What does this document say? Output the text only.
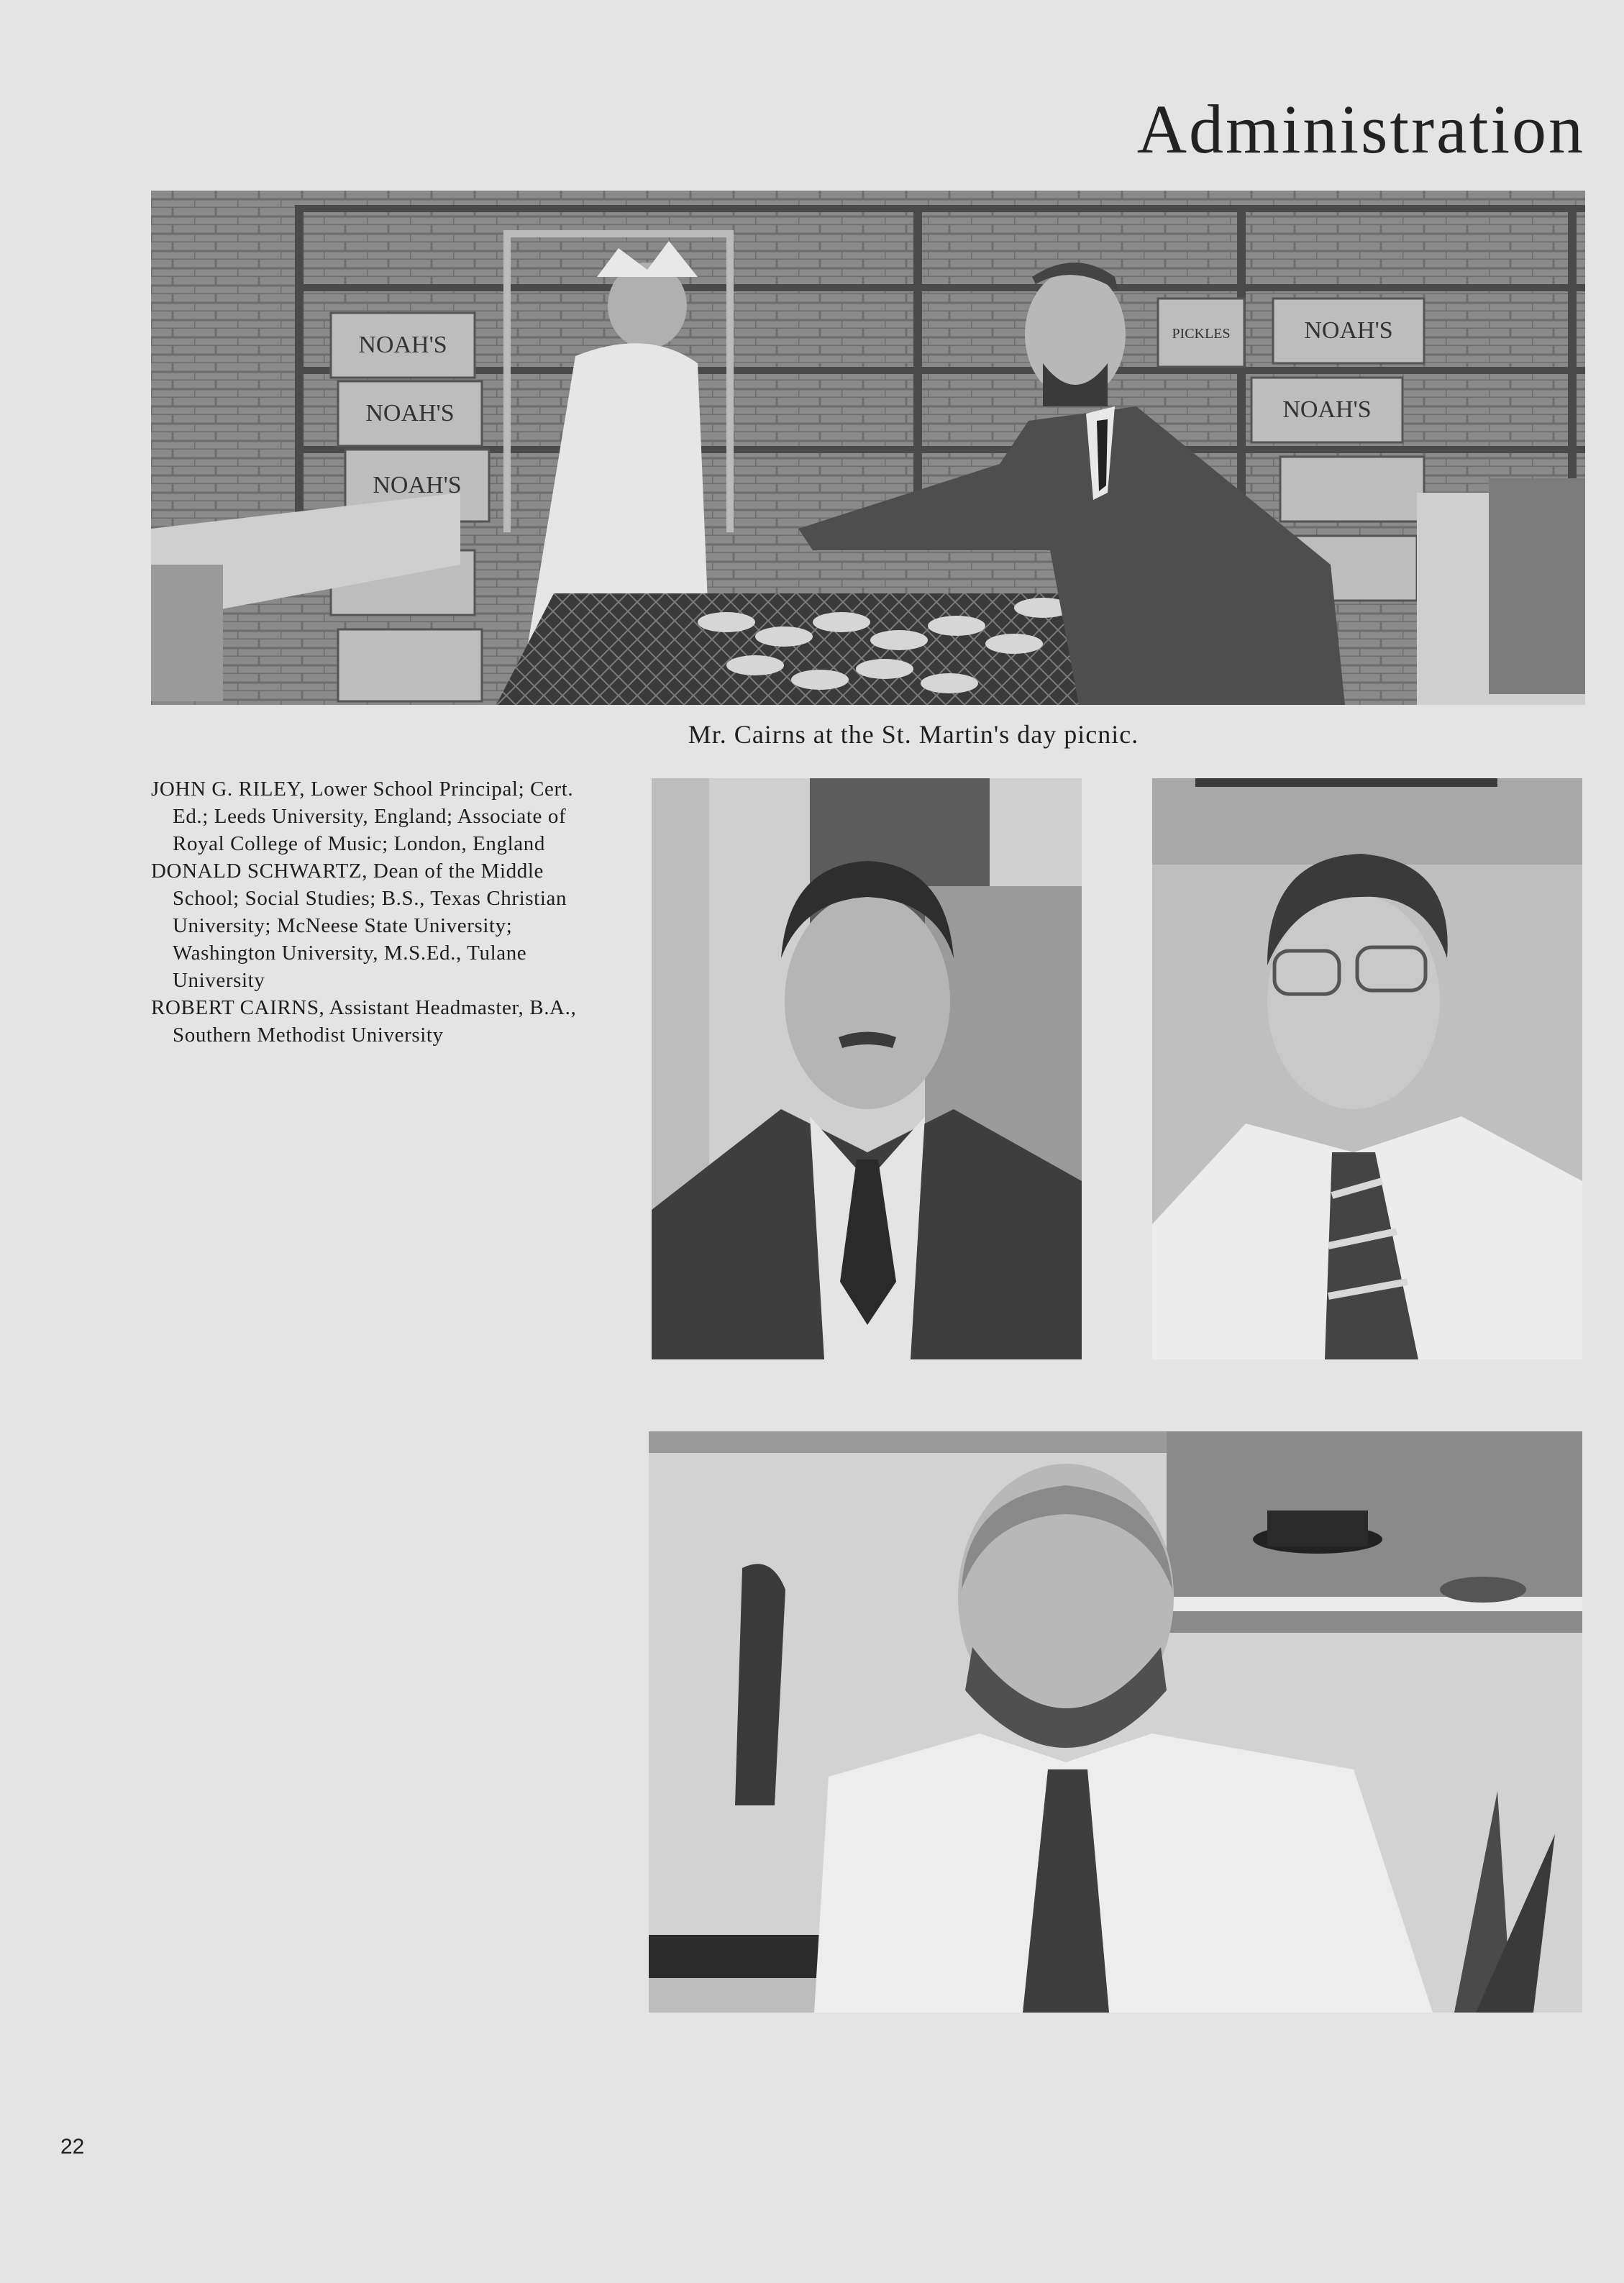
Administration
NOAH'S
NOAH'S
NOAH'S
NOAH'S
NOAH'S
PICKLES
Mr. Cairns at the St. Martin's day picnic.

JOHN G. RILEY, Lower School Principal; Cert. Ed.; Leeds University, England; Associate of Royal College of Music; London, England

DONALD SCHWARTZ, Dean of the Middle School; Social Studies; B.S., Texas Christian University; McNeese State University; Washington University, M.S.Ed., Tulane University

ROBERT CAIRNS, Assistant Headmaster, B.A., Southern Methodist University

22
